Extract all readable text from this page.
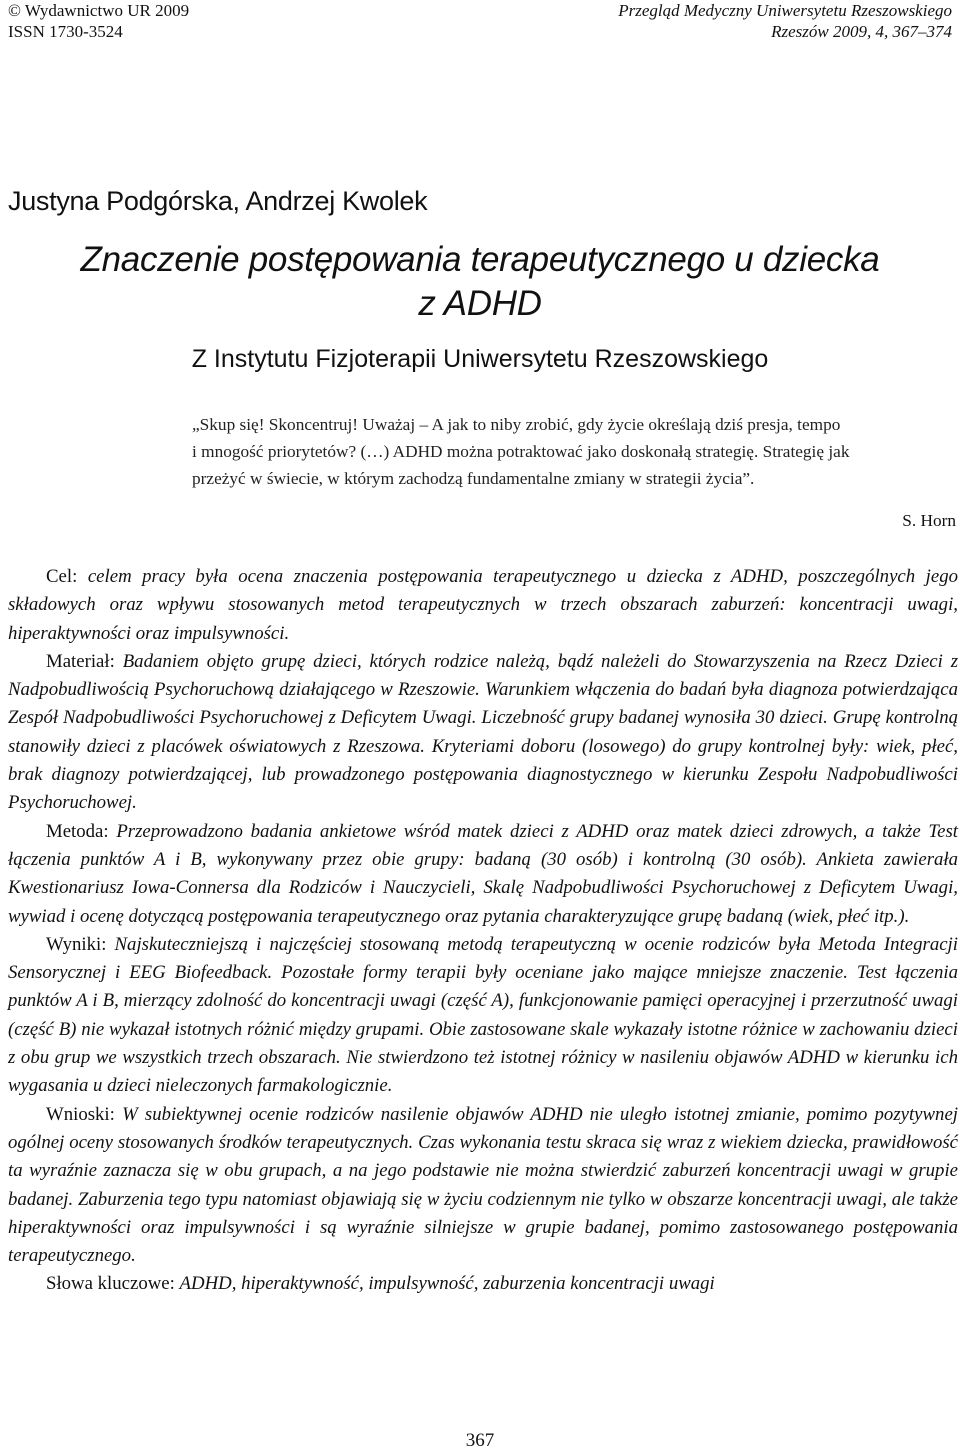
© Wydawnictwo UR 2009
ISSN 1730-3524
Przegląd Medyczny Uniwersytetu Rzeszowskiego
Rzeszów 2009, 4, 367–374
Justyna Podgórska, Andrzej Kwolek
Znaczenie postępowania terapeutycznego u dziecka
z ADHD
Z Instytutu Fizjoterapii Uniwersytetu Rzeszowskiego
„Skup się! Skoncentruj! Uważaj – A jak to niby zrobić, gdy życie określają dziś presja, tempo
i mnogość priorytetów? (…) ADHD można potraktować jako doskonałą strategię. Strategię jak
przeżyć w świecie, w którym zachodzą fundamentalne zmiany w strategii życia”.
S. Horn

Cel: celem pracy była ocena znaczenia postępowania terapeutycznego u dziecka z ADHD, poszczególnych jego składowych oraz wpływu stosowanych metod terapeutycznych w trzech obszarach zaburzeń: koncentracji uwagi, hiperaktywności oraz impulsywności.

Materiał: Badaniem objęto grupę dzieci, których rodzice należą, bądź należeli do Stowarzyszenia na Rzecz Dzieci z Nadpobudliwością Psychoruchową działającego w Rzeszowie. Warunkiem włączenia do badań była diagnoza potwierdzająca Zespół Nadpobudliwości Psychoruchowej z Deficytem Uwagi. Liczebność grupy badanej wynosiła 30 dzieci. Grupę kontrolną stanowiły dzieci z placówek oświatowych z Rzeszowa. Kryteriami doboru (losowego) do grupy kontrolnej były: wiek, płeć, brak diagnozy potwierdzającej, lub prowadzonego postępowania diagnostycznego w kierunku Zespołu Nadpobudliwości Psychoruchowej.

Metoda: Przeprowadzono badania ankietowe wśród matek dzieci z ADHD oraz matek dzieci zdrowych, a także Test łączenia punktów A i B, wykonywany przez obie grupy: badaną (30 osób) i kontrolną (30 osób). Ankieta zawierała Kwestionariusz Iowa-Connersa dla Rodziców i Nauczycieli, Skalę Nadpobudliwości Psychoruchowej z Deficytem Uwagi, wywiad i ocenę dotyczącą postępowania terapeutycznego oraz pytania charakteryzujące grupę badaną (wiek, płeć itp.).

Wyniki: Najskuteczniejszą i najczęściej stosowaną metodą terapeutyczną w ocenie rodziców była Metoda Integracji Sensorycznej i EEG Biofeedback. Pozostałe formy terapii były oceniane jako mające mniejsze znaczenie. Test łączenia punktów A i B, mierzący zdolność do koncentracji uwagi (część A), funkcjonowanie pamięci operacyjnej i przerzutność uwagi (część B) nie wykazał istotnych różnić między grupami. Obie zastosowane skale wykazały istotne różnice w zachowaniu dzieci z obu grup we wszystkich trzech obszarach. Nie stwierdzono też istotnej różnicy w nasileniu objawów ADHD w kierunku ich wygasania u dzieci nieleczonych farmakologicznie.

Wnioski: W subiektywnej ocenie rodziców nasilenie objawów ADHD nie uległo istotnej zmianie, pomimo pozytywnej ogólnej oceny stosowanych środków terapeutycznych. Czas wykonania testu skraca się wraz z wiekiem dziecka, prawidłowość ta wyraźnie zaznacza się w obu grupach, a na jego podstawie nie można stwierdzić zaburzeń koncentracji uwagi w grupie badanej. Zaburzenia tego typu natomiast objawiają się w życiu codziennym nie tylko w obszarze koncentracji uwagi, ale także hiperaktywności oraz impulsywności i są wyraźnie silniejsze w grupie badanej, pomimo zastosowanego postępowania terapeutycznego.

Słowa kluczowe: ADHD, hiperaktywność, impulsywność, zaburzenia koncentracji uwagi

367
